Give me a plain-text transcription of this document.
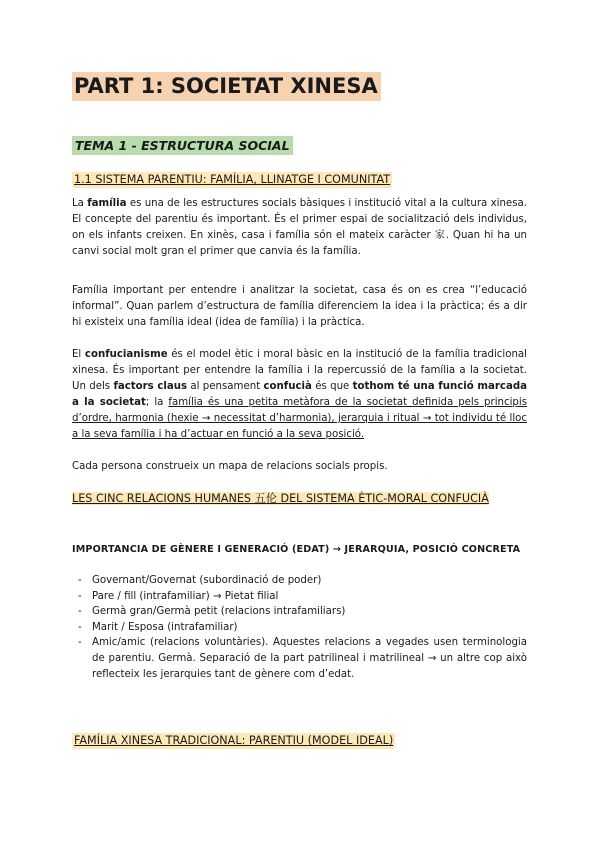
PART 1: SOCIETAT XINESA
TEMA 1 - ESTRUCTURA SOCIAL
1.1 SISTEMA PARENTIU: FAMÍLIA, LLINATGE I COMUNITAT

La família es una de les estructures socials bàsiques i institució vital a la cultura xinesa. El concepte del parentiu és important. És el primer espai de socialització dels individus, on els infants creixen. En xinès, casa i família són el mateix caràcter 家. Quan hi ha un canvi social molt gran el primer que canvia és la família.

Família important per entendre i analitzar la societat, casa és on es crea “l’educació informal”. Quan parlem d’estructura de família diferenciem la idea i la pràctica; és a dir hi existeix una família ideal (idea de família) i la pràctica.

El confucianisme és el model ètic i moral bàsic en la institució de la família tradicional xinesa. És important per entendre la família i la repercussió de la família a la societat. Un dels factors claus al pensament confucià és que tothom té una funció marcada a la societat; la família és una petita metàfora de la societat definida pels principis d’ordre, harmonia (hexie → necessitat d’harmonia), jerarquia i ritual → tot individu té lloc a la seva família i ha d’actuar en funció a la seva posició.

Cada persona construeix un mapa de relacions socials propis.

LES CINC RELACIONS HUMANES 五伦 DEL SISTEMA ÈTIC-MORAL CONFUCIÀ
IMPORTANCIA DE GÈNERE I GENERACIÓ (EDAT) → JERARQUIA, POSICIÓ CONCRETA
- Governant/Governat (subordinació de poder)
- Pare / fill (intrafamiliar) → Pietat filial
- Germà gran/Germà petit (relacions intrafamiliars)
- Marit / Esposa (intrafamiliar)
- Amic/amic (relacions voluntàries). Aquestes relacions a vegades usen terminologia de parentiu. Germà. Separació de la part patrilineal i matrilineal → un altre cop això reflecteix les jerarquies tant de gènere com d’edat.
FAMÍLIA XINESA TRADICIONAL: PARENTIU (MODEL IDEAL)
